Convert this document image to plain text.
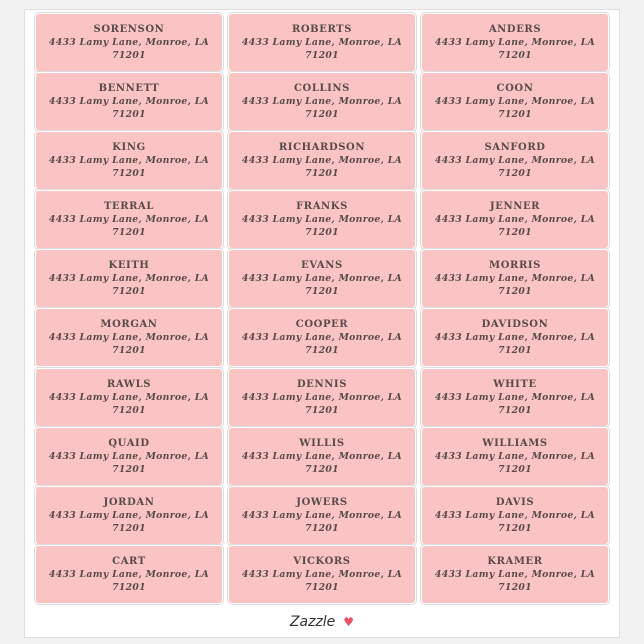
SORENSON
4433 Lamy Lane, Monroe, LA
71201
ROBERTS
4433 Lamy Lane, Monroe, LA
71201
ANDERS
4433 Lamy Lane, Monroe, LA
71201
BENNETT
4433 Lamy Lane, Monroe, LA
71201
COLLINS
4433 Lamy Lane, Monroe, LA
71201
COON
4433 Lamy Lane, Monroe, LA
71201
KING
4433 Lamy Lane, Monroe, LA
71201
RICHARDSON
4433 Lamy Lane, Monroe, LA
71201
SANFORD
4433 Lamy Lane, Monroe, LA
71201
TERRAL
4433 Lamy Lane, Monroe, LA
71201
FRANKS
4433 Lamy Lane, Monroe, LA
71201
JENNER
4433 Lamy Lane, Monroe, LA
71201
KEITH
4433 Lamy Lane, Monroe, LA
71201
EVANS
4433 Lamy Lane, Monroe, LA
71201
MORRIS
4433 Lamy Lane, Monroe, LA
71201
MORGAN
4433 Lamy Lane, Monroe, LA
71201
COOPER
4433 Lamy Lane, Monroe, LA
71201
DAVIDSON
4433 Lamy Lane, Monroe, LA
71201
RAWLS
4433 Lamy Lane, Monroe, LA
71201
DENNIS
4433 Lamy Lane, Monroe, LA
71201
WHITE
4433 Lamy Lane, Monroe, LA
71201
QUAID
4433 Lamy Lane, Monroe, LA
71201
WILLIS
4433 Lamy Lane, Monroe, LA
71201
WILLIAMS
4433 Lamy Lane, Monroe, LA
71201
JORDAN
4433 Lamy Lane, Monroe, LA
71201
JOWERS
4433 Lamy Lane, Monroe, LA
71201
DAVIS
4433 Lamy Lane, Monroe, LA
71201
CART
4433 Lamy Lane, Monroe, LA
71201
VICKORS
4433 Lamy Lane, Monroe, LA
71201
KRAMER
4433 Lamy Lane, Monroe, LA
71201
Zazzle ♥
